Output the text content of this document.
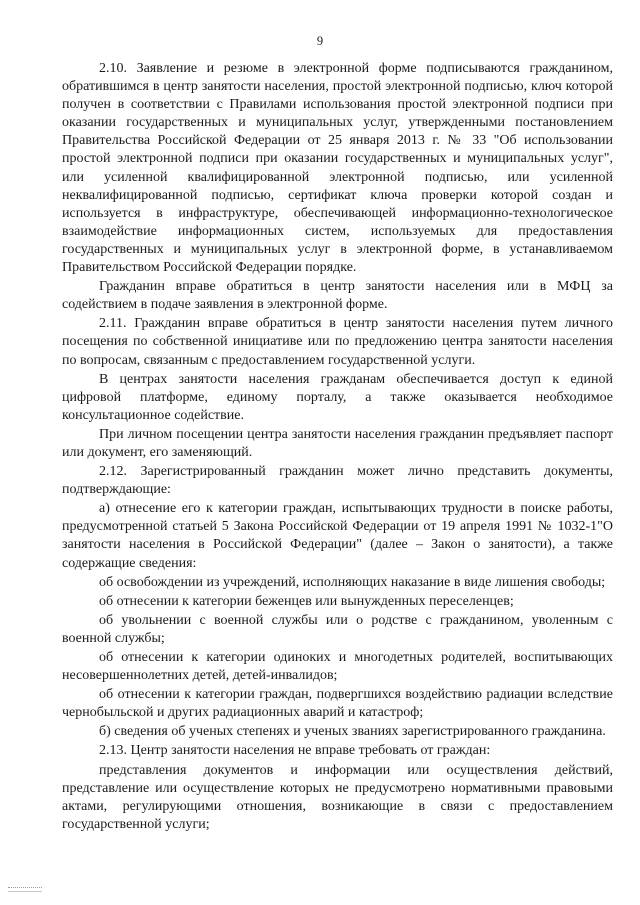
9

2.10. Заявление и резюме в электронной форме подписываются гражданином, обратившимся в центр занятости населения, простой электронной подписью, ключ которой получен в соответствии с Правилами использования простой электронной подписи при оказании государственных и муниципальных услуг, утвержденными постановлением Правительства Российской Федерации от 25 января 2013 г. № 33 "Об использовании простой электронной подписи при оказании государственных и муниципальных услуг", или усиленной квалифицированной электронной подписью, или усиленной неквалифицированной подписью, сертификат ключа проверки которой создан и используется в инфраструктуре, обеспечивающей информационно-технологическое взаимодействие информационных систем, используемых для предоставления государственных и муниципальных услуг в электронной форме, в устанавливаемом Правительством Российской Федерации порядке.

Гражданин вправе обратиться в центр занятости населения или в МФЦ за содействием в подаче заявления в электронной форме.

2.11. Гражданин вправе обратиться в центр занятости населения путем личного посещения по собственной инициативе или по предложению центра занятости населения по вопросам, связанным с предоставлением государственной услуги.

В центрах занятости населения гражданам обеспечивается доступ к единой цифровой платформе, единому порталу, а также оказывается необходимое консультационное содействие.

При личном посещении центра занятости населения гражданин предъявляет паспорт или документ, его заменяющий.

2.12. Зарегистрированный гражданин может лично представить документы, подтверждающие:

а) отнесение его к категории граждан, испытывающих трудности в поиске работы, предусмотренной статьей 5 Закона Российской Федерации от 19 апреля 1991 № 1032-1"О занятости населения в Российской Федерации" (далее – Закон о занятости), а также содержащие сведения:

об освобождении из учреждений, исполняющих наказание в виде лишения свободы;

об отнесении к категории беженцев или вынужденных переселенцев;

об увольнении с военной службы или о родстве с гражданином, уволенным с военной службы;

об отнесении к категории одиноких и многодетных родителей, воспитывающих несовершеннолетних детей, детей-инвалидов;

об отнесении к категории граждан, подвергшихся воздействию радиации вследствие чернобыльской и других радиационных аварий и катастроф;

б) сведения об ученых степенях и ученых званиях зарегистрированного гражданина.

2.13. Центр занятости населения не вправе требовать от граждан:

представления документов и информации или осуществления действий, представление или осуществление которых не предусмотрено нормативными правовыми актами, регулирующими отношения, возникающие в связи с предоставлением государственной услуги;
